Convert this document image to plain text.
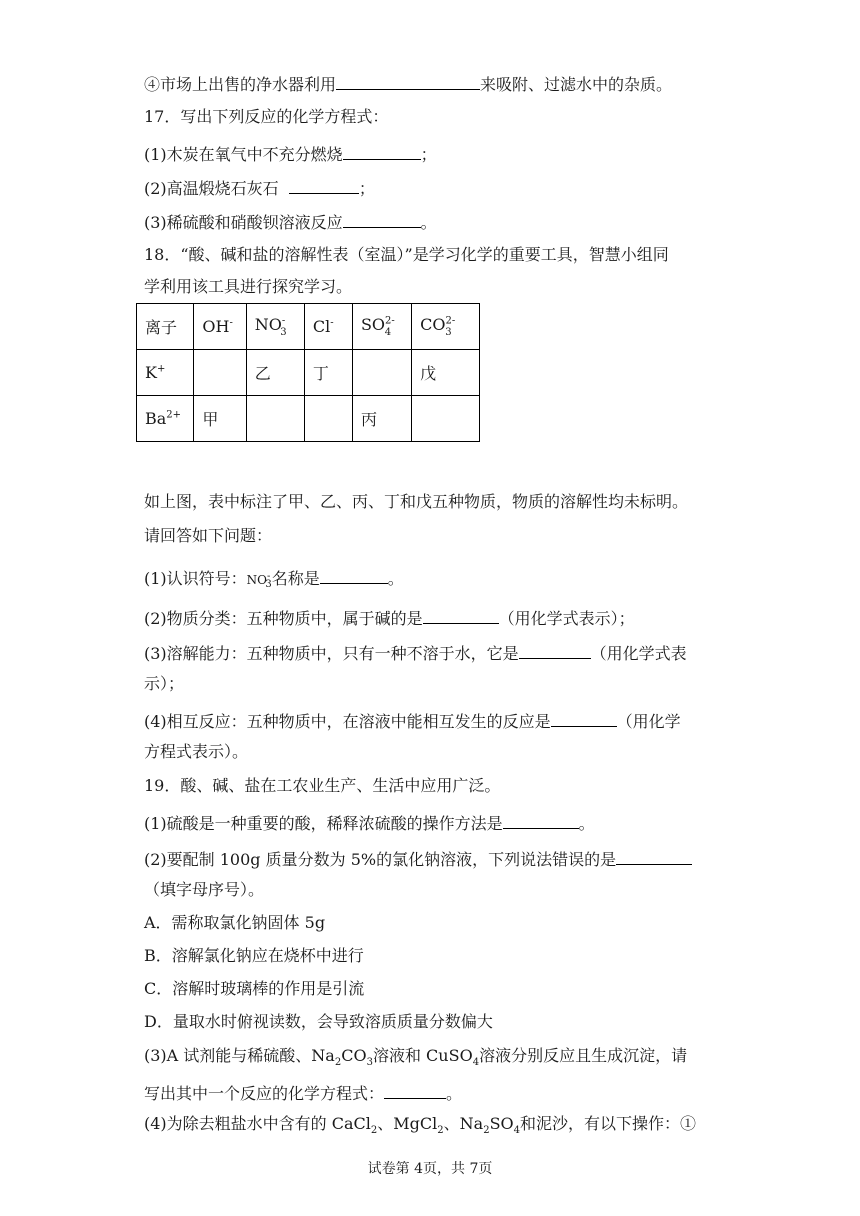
④市场上出售的净水器利用	来吸附、过滤水中的杂质。
17．写出下列反应的化学方程式：
(1)木炭在氧气中不充分燃烧	；
(2)高温煅烧石灰石	；
(3)稀硫酸和硝酸钡溶液反应	。
18．“酸、碱和盐的溶解性表（室温）”是学习化学的重要工具，智慧小组同
学利用该工具进行探究学习。
离子	OH-	$NO^-_3$	Cl-	$SO^{2-}_4$	$CO^{2-}_3$
K+		乙	丁		戊
$Ba^{2+}$	甲			丙	
如上图，表中标注了甲、乙、丙、丁和戊五种物质，物质的溶解性均未标明。
请回答如下问题：
(1)认识符号：$NO^-_3$名称是	。
(2)物质分类：五种物质中，属于碱的是	（用化学式表示）；
(3)溶解能力：五种物质中，只有一种不溶于水，它是	（用化学式表
示）；
(4)相互反应：五种物质中，在溶液中能相互发生的反应是	（用化学
方程式表示）。
19．酸、碱、盐在工农业生产、生活中应用广泛。
(1)硫酸是一种重要的酸，稀释浓硫酸的操作方法是	。
(2)要配制 100g 质量分数为 5%的氯化钠溶液，下列说法错误的是
（填字母序号）。
A．需称取氯化钠固体 5g
B．溶解氯化钠应在烧杯中进行
C．溶解时玻璃棒的作用是引流
D．量取水时俯视读数，会导致溶质质量分数偏大
(3)A 试剂能与稀硫酸、$Na_2CO_3$溶液和 CuSO$_4$溶液分别反应且生成沉淀，请
写出其中一个反应的化学方程式：	。
(4)为除去粗盐水中含有的 CaCl$_2$、MgCl$_2$、$Na_2SO_4$和泥沙，有以下操作：①
试卷第 4页，共 7页
